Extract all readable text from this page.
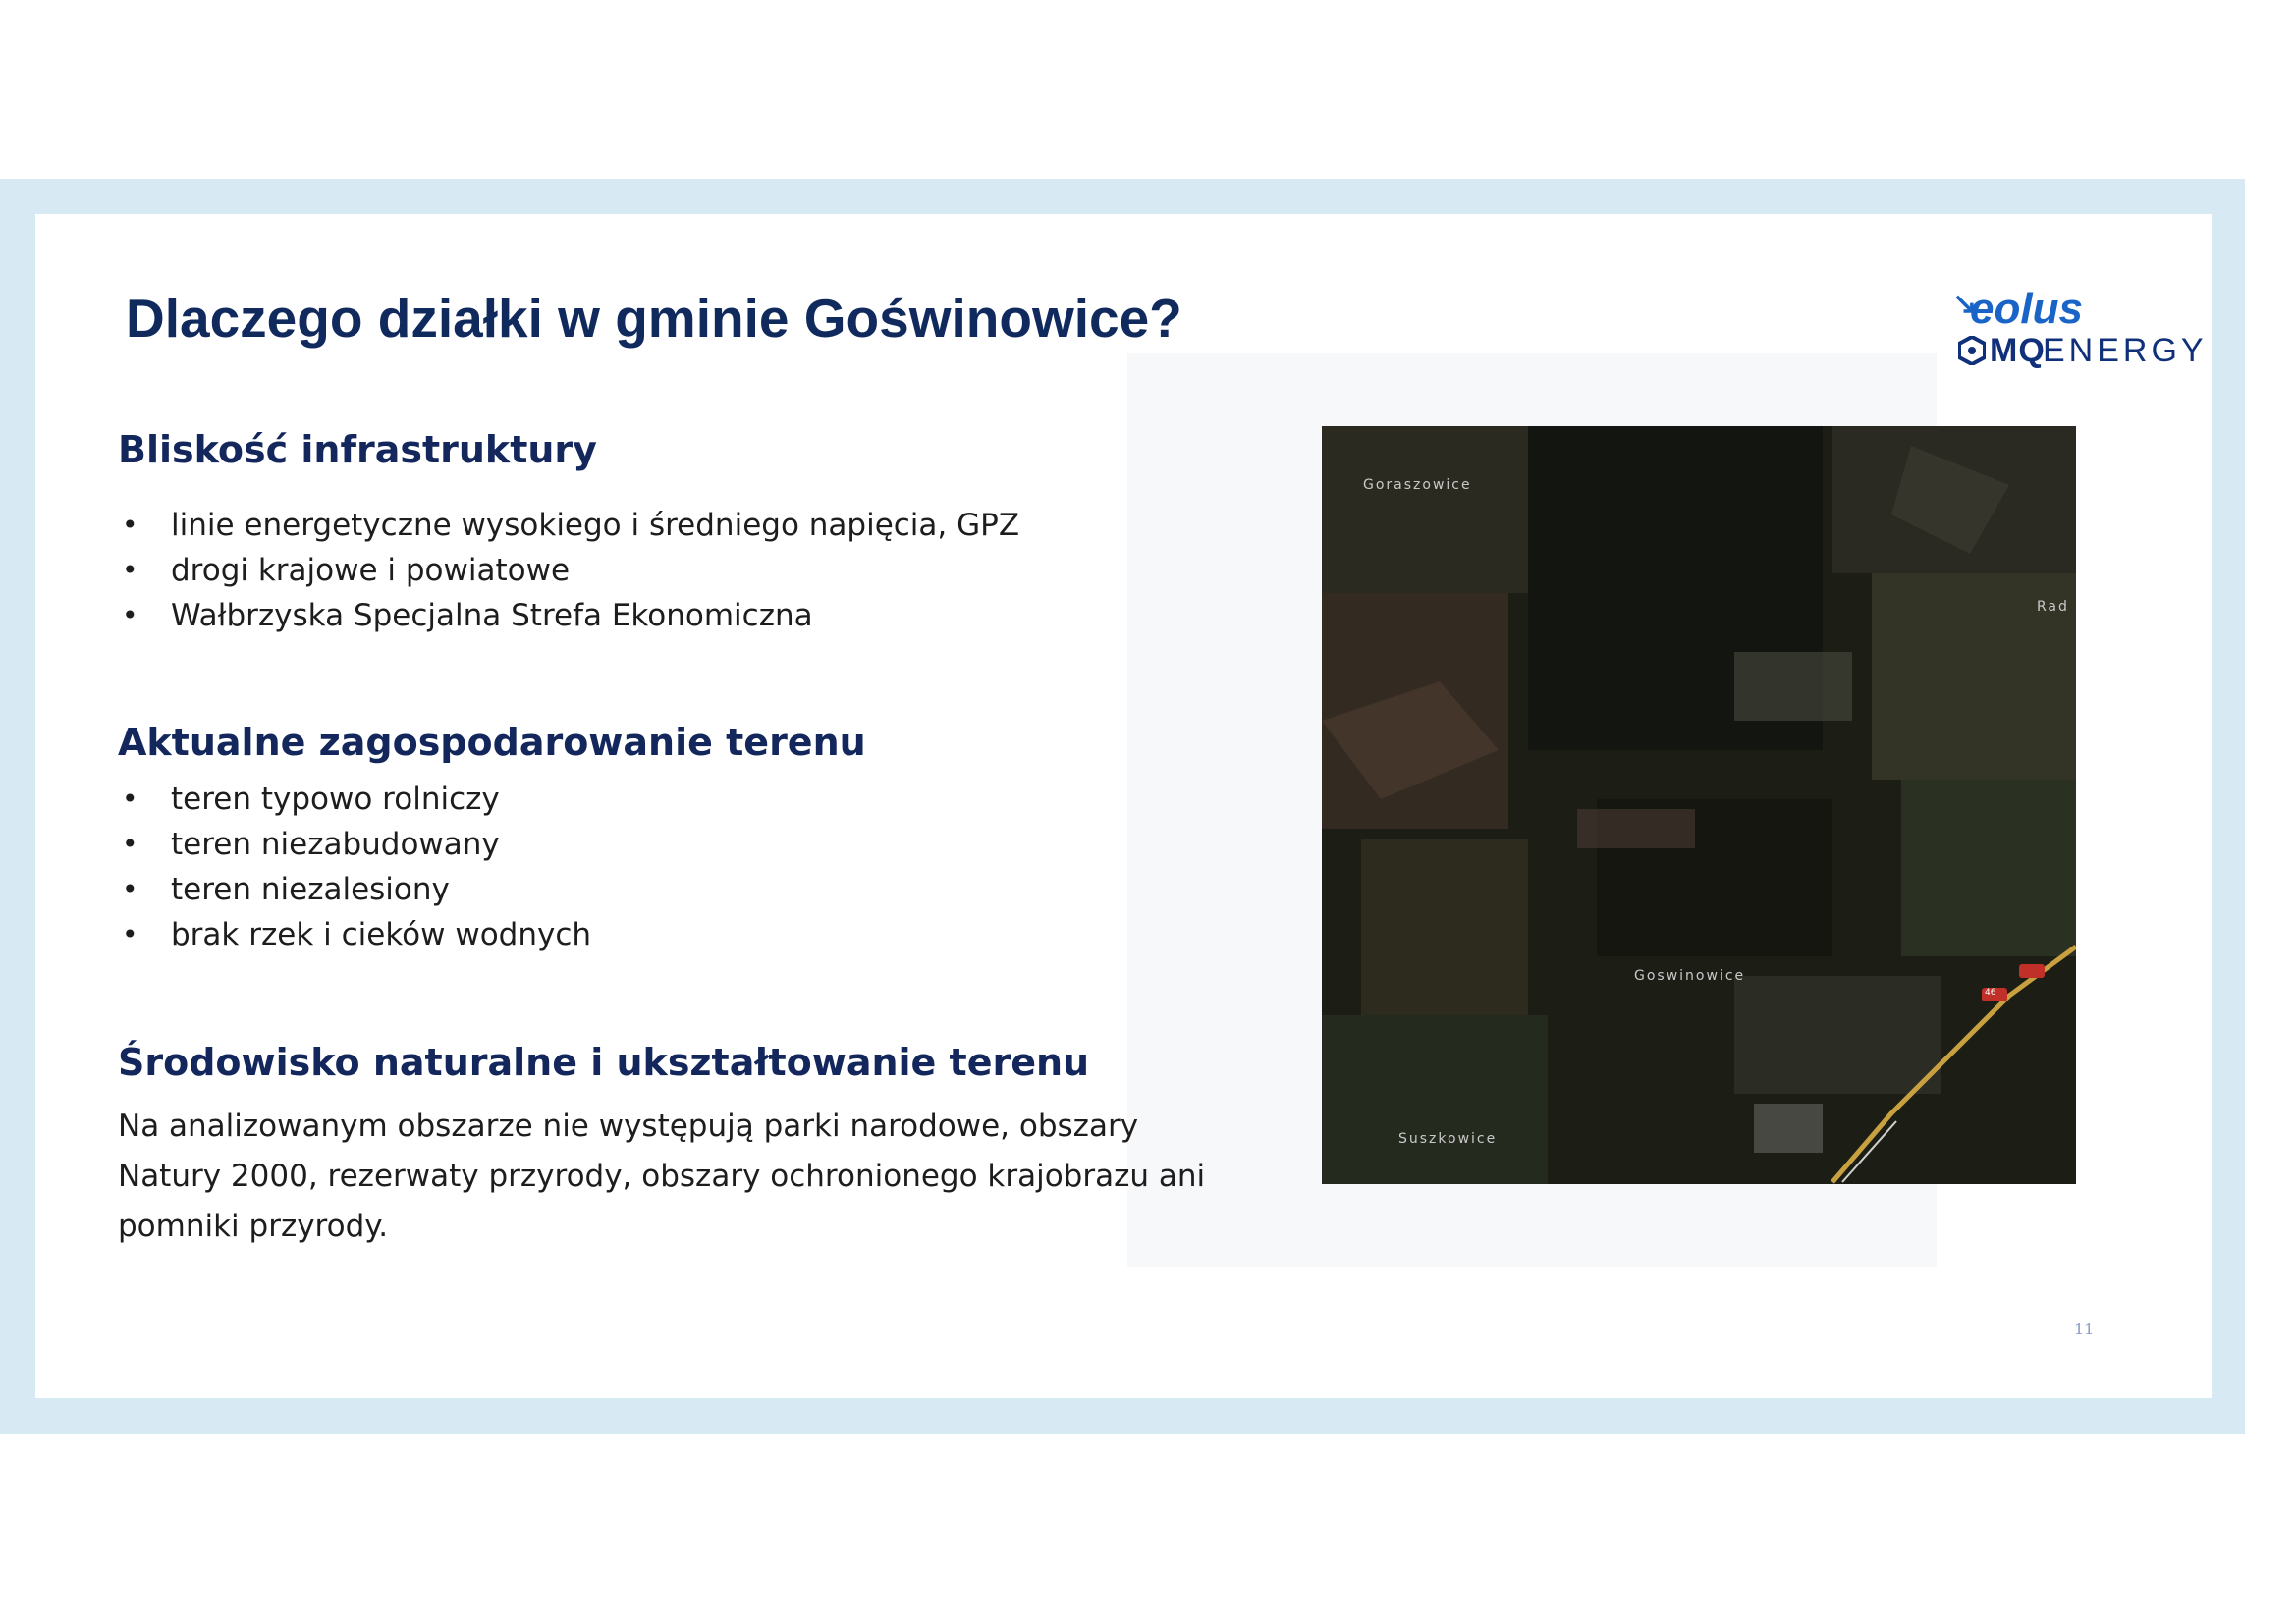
Dlaczego działki w gminie Goświnowice?	↘
eolus
MQ
ENERGY
Bliskość infrastruktury
• linie energetyczne wysokiego i średniego napięcia, GPZ
• drogi krajowe i powiatowe
• Wałbrzyska Specjalna Strefa Ekonomiczna
Aktualne zagospodarowanie terenu
• teren typowo rolniczy
• teren niezabudowany
• teren niezalesiony
• brak rzek i cieków wodnych
Środowisko naturalne i ukształtowanie terenu
Na analizowanym obszarze nie występują parki narodowe, obszary Natury 2000, rezerwaty przyrody, obszary ochronionego krajobrazu ani pomniki przyrody.
Goraszowice
Rad
Goswinowice
Suszkowice
46
11
